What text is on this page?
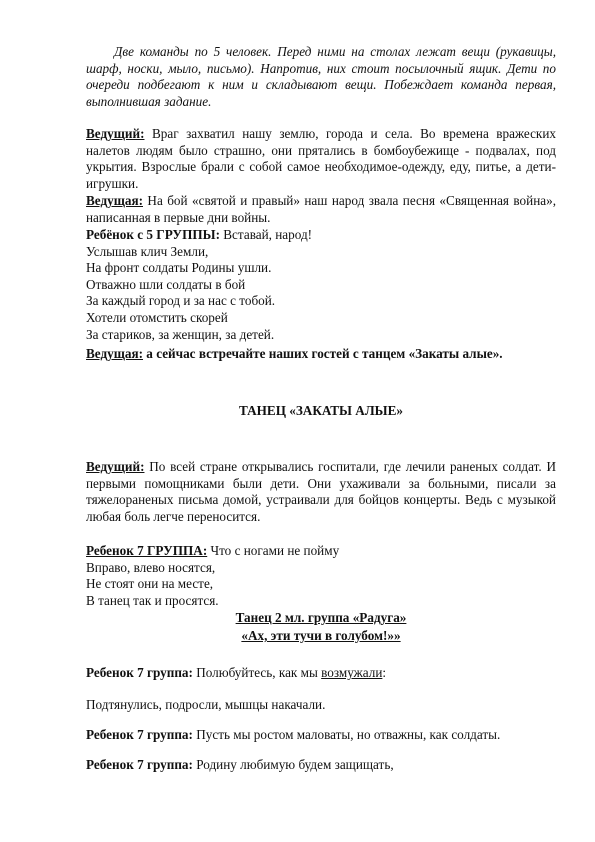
Две команды по 5 человек. Перед ними на столах лежат вещи (рукавицы, шарф, носки, мыло, письмо). Напротив, них стоит посылочный ящик. Дети по очереди подбегают к ним и складывают вещи. Побеждает команда первая, выполнившая задание.
Ведущий: Враг захватил нашу землю, города и села. Во времена вражеских налетов людям было страшно, они прятались в бомбоубежище - подвалах, под укрытия. Взрослые брали с собой самое необходимое-одежду, еду, питье, а дети-игрушки.
Ведущая: На бой «святой и правый» наш народ звала песня «Священная война», написанная в первые дни войны.
Ребёнок с 5 ГРУППЫ: Вставай, народ!
Услышав клич Земли,
На фронт солдаты Родины ушли.
Отважно шли солдаты в бой
За каждый город и за нас с тобой.
Хотели отомстить скорей
За стариков, за женщин, за детей.
Ведущая: а сейчас встречайте наших гостей с танцем «Закаты алые».
ТАНЕЦ «ЗАКАТЫ АЛЫЕ»
Ведущий: По всей стране открывались госпитали, где лечили раненых солдат. И первыми помощниками были дети. Они ухаживали за больными, писали за тяжелораненых письма домой, устраивали для бойцов концерты. Ведь с музыкой любая боль легче переносится.
Ребенок 7 ГРУППА: Что с ногами не пойму
Вправо, влево носятся,
Не стоят они на месте,
В танец так и просятся.
Танец 2 мл. группа «Радуга»
«Ах, эти тучи в голубом!»»
Ребенок 7 группа: Полюбуйтесь, как мы возмужали:
Подтянулись, подросли, мышцы накачали.
Ребенок 7 группа: Пусть мы ростом маловаты, но отважны, как солдаты.
Ребенок 7 группа: Родину любимую будем защищать,
